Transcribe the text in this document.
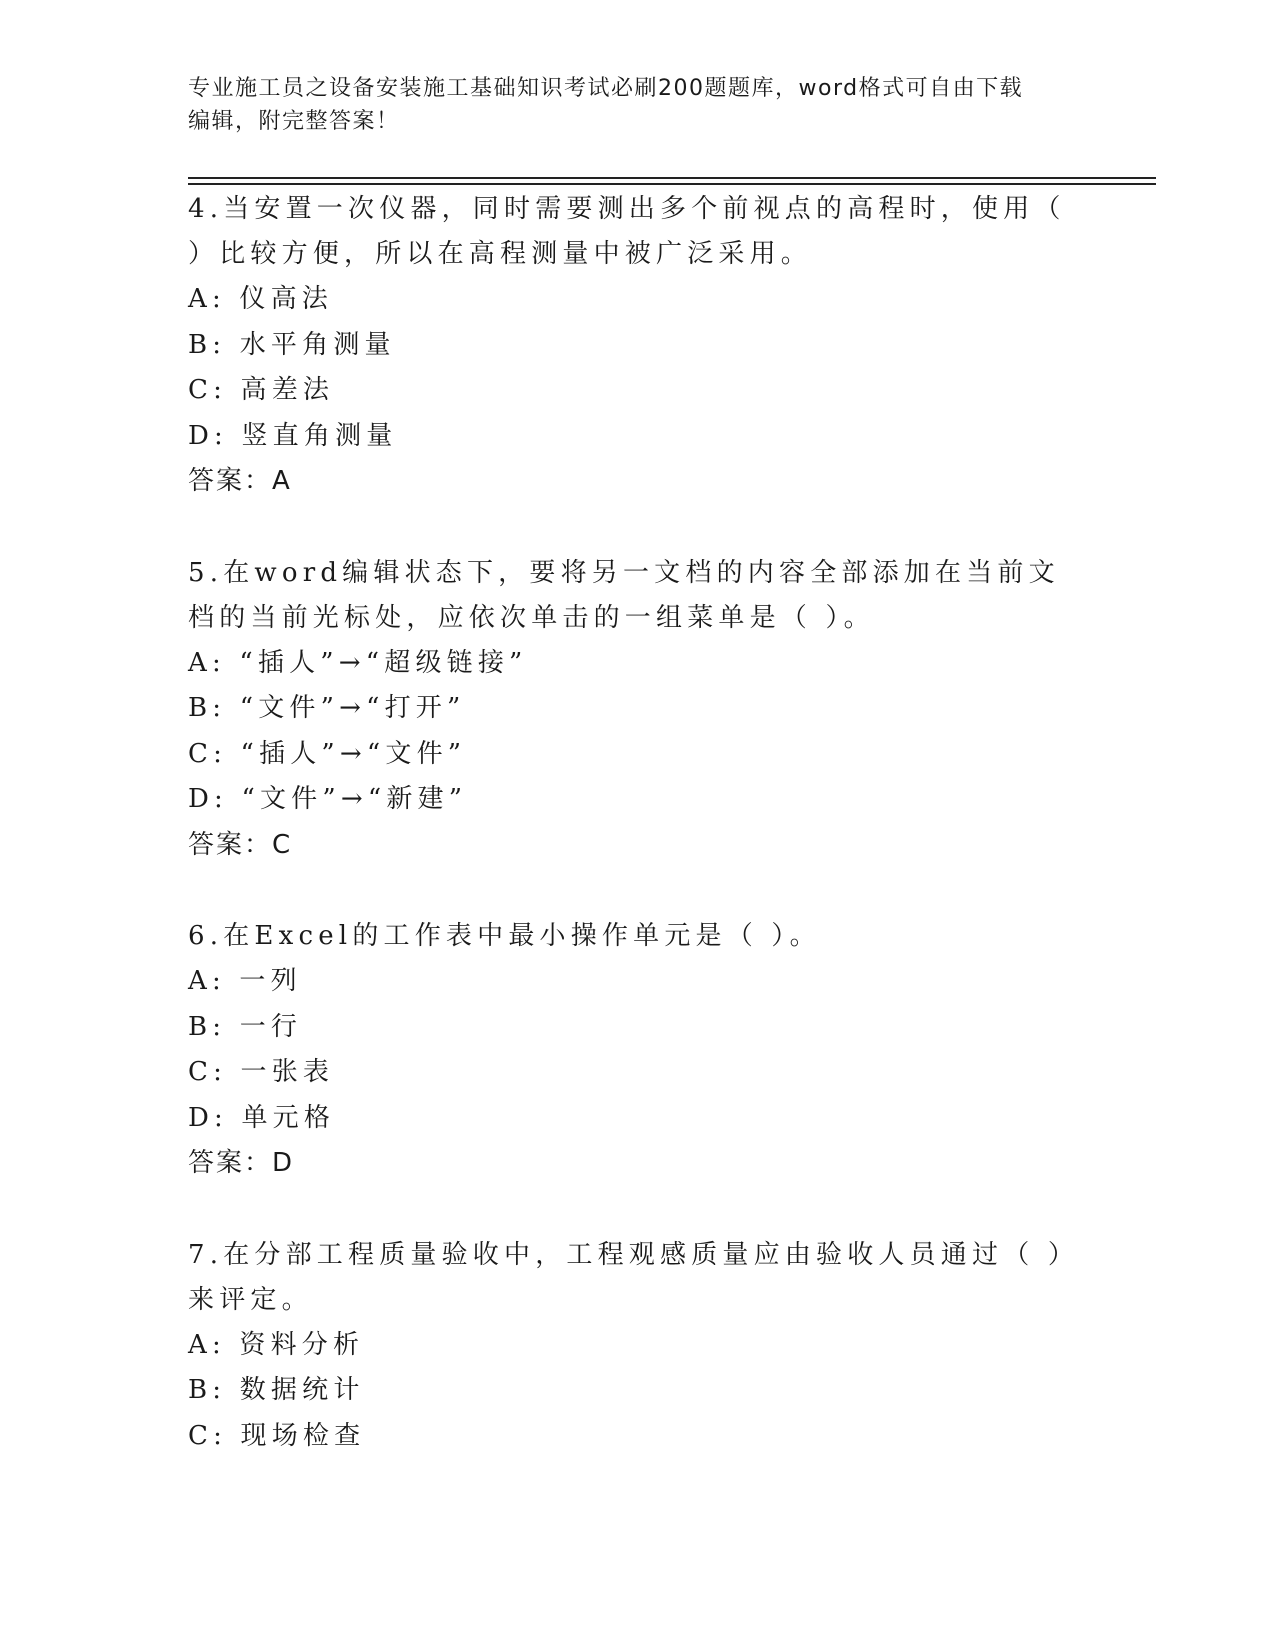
专业施工员之设备安装施工基础知识考试必刷200题题库，word格式可自由下载
编辑，附完整答案！

4.当安置一次仪器，同时需要测出多个前视点的高程时，使用（ ）比较方便，所以在高程测量中被广泛采用。

A: 仪高法

B: 水平角测量

C: 高差法

D: 竖直角测量

答案：A

5.在word编辑状态下，要将另一文档的内容全部添加在当前文档的当前光标处，应依次单击的一组菜单是（ ）。

A: “插人”→“超级链接”

B: “文件”→“打开”

C: “插人”→“文件”

D: “文件”→“新建”

答案：C

6.在Excel的工作表中最小操作单元是（ ）。

A: 一列

B: 一行

C: 一张表

D: 单元格

答案：D

7.在分部工程质量验收中，工程观感质量应由验收人员通过（ ）来评定。

A: 资料分析

B: 数据统计

C: 现场检查
